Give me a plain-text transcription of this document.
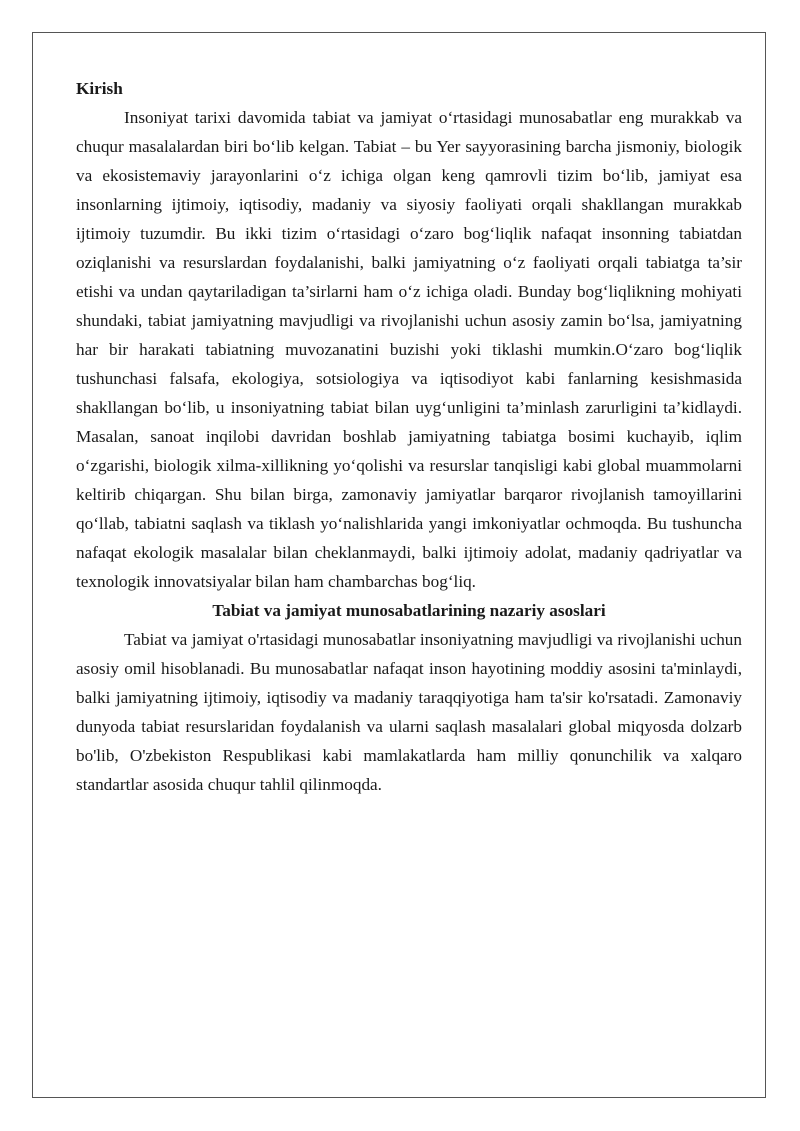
Kirish

Insoniyat tarixi davomida tabiat va jamiyat o‘rtasidagi munosabatlar eng murakkab va chuqur masalalardan biri bo‘lib kelgan. Tabiat – bu Yer sayyorasining barcha jismoniy, biologik va ekosistemaviy jarayonlarini o‘z ichiga olgan keng qamrovli tizim bo‘lib, jamiyat esa insonlarning ijtimoiy, iqtisodiy, madaniy va siyosiy faoliyati orqali shakllangan murakkab ijtimoiy tuzumdir. Bu ikki tizim o‘rtasidagi o‘zaro bog‘liqlik nafaqat insonning tabiatdan oziqlanishi va resurslardan foydalanishi, balki jamiyatning o‘z faoliyati orqali tabiatga ta’sir etishi va undan qaytariladigan ta’sirlarni ham o‘z ichiga oladi. Bunday bog‘liqlikning mohiyati shundaki, tabiat jamiyatning mavjudligi va rivojlanishi uchun asosiy zamin bo‘lsa, jamiyatning har bir harakati tabiatning muvozanatini buzishi yoki tiklashi mumkin.O‘zaro bog‘liqlik tushunchasi falsafa, ekologiya, sotsiologiya va iqtisodiyot kabi fanlarning kesishmasida shakllangan bo‘lib, u insoniyatning tabiat bilan uyg‘unligini ta’minlash zarurligini ta’kidlaydi. Masalan, sanoat inqilobi davridan boshlab jamiyatning tabiatga bosimi kuchayib, iqlim o‘zgarishi, biologik xilma-xillikning yo‘qolishi va resurslar tanqisligi kabi global muammolarni keltirib chiqargan. Shu bilan birga, zamonaviy jamiyatlar barqaror rivojlanish tamoyillarini qo‘llab, tabiatni saqlash va tiklash yo‘nalishlarida yangi imkoniyatlar ochmoqda. Bu tushuncha nafaqat ekologik masalalar bilan cheklanmaydi, balki ijtimoiy adolat, madaniy qadriyatlar va texnologik innovatsiyalar bilan ham chambarchas bog‘liq.

Tabiat va jamiyat munosabatlarining nazariy asoslari

Tabiat va jamiyat o'rtasidagi munosabatlar insoniyatning mavjudligi va rivojlanishi uchun asosiy omil hisoblanadi. Bu munosabatlar nafaqat inson hayotining moddiy asosini ta'minlaydi, balki jamiyatning ijtimoiy, iqtisodiy va madaniy taraqqiyotiga ham ta'sir ko'rsatadi. Zamonaviy dunyoda tabiat resurslaridan foydalanish va ularni saqlash masalalari global miqyosda dolzarb bo'lib, O'zbekiston Respublikasi kabi mamlakatlarda ham milliy qonunchilik va xalqaro standartlar asosida chuqur tahlil qilinmoqda.
